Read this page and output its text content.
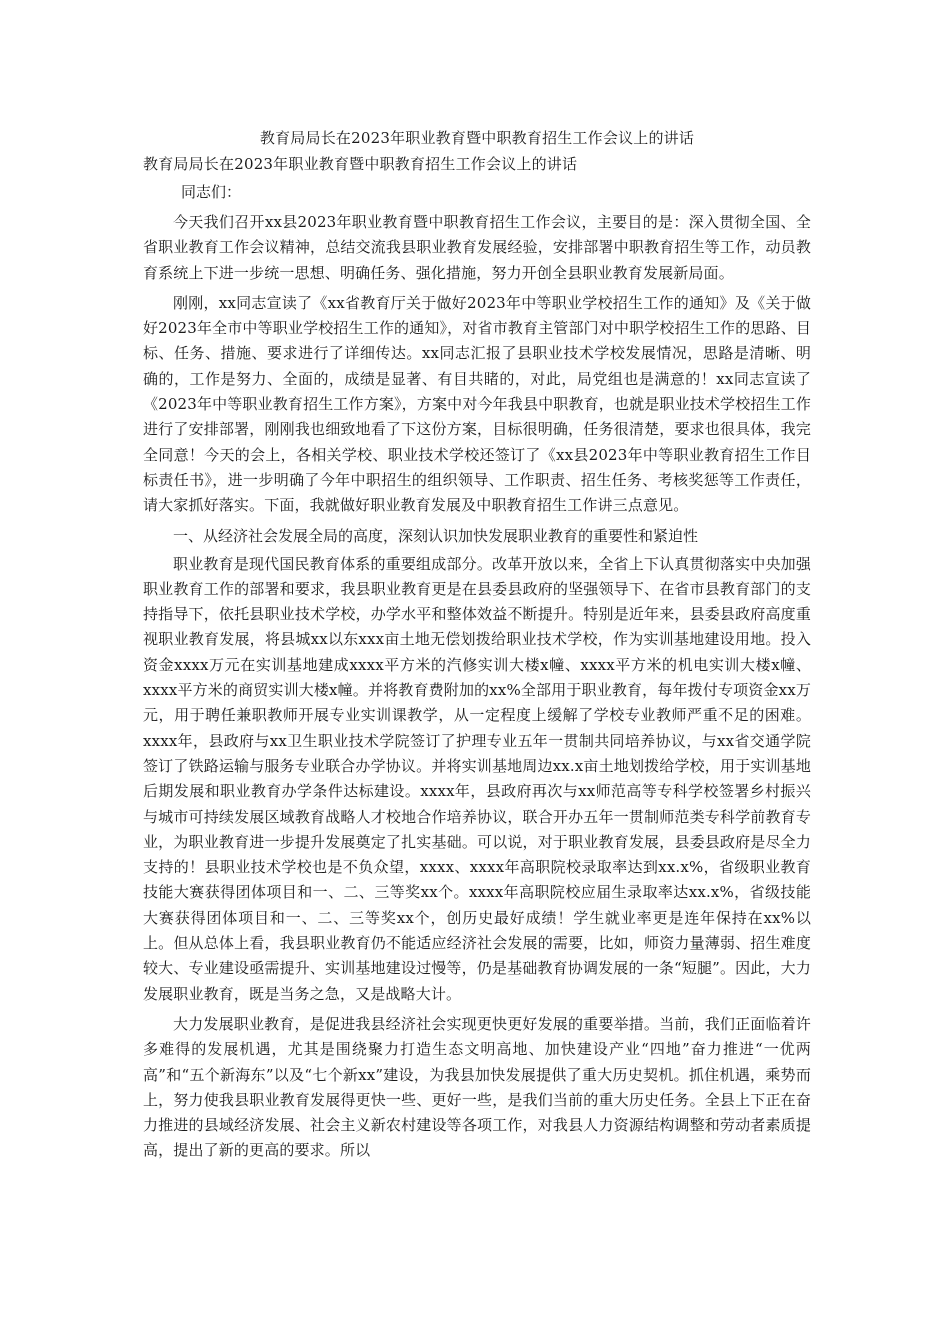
教育局局长在2023年职业教育暨中职教育招生工作会议上的讲话
教育局局长在2023年职业教育暨中职教育招生工作会议上的讲话
同志们：

今天我们召开xx县2023年职业教育暨中职教育招生工作会议，主要目的是：深入贯彻全国、全省职业教育工作会议精神，总结交流我县职业教育发展经验，安排部署中职教育招生等工作，动员教育系统上下进一步统一思想、明确任务、强化措施，努力开创全县职业教育发展新局面。

刚刚，xx同志宣读了《xx省教育厅关于做好2023年中等职业学校招生工作的通知》及《关于做好2023年全市中等职业学校招生工作的通知》，对省市教育主管部门对中职学校招生工作的思路、目标、任务、措施、要求进行了详细传达。xx同志汇报了县职业技术学校发展情况，思路是清晰、明确的，工作是努力、全面的，成绩是显著、有目共睹的，对此，局党组也是满意的！xx同志宣读了《2023年中等职业教育招生工作方案》，方案中对今年我县中职教育，也就是职业技术学校招生工作进行了安排部署，刚刚我也细致地看了下这份方案，目标很明确，任务很清楚，要求也很具体，我完全同意！今天的会上，各相关学校、职业技术学校还签订了《xx县2023年中等职业教育招生工作目标责任书》，进一步明确了今年中职招生的组织领导、工作职责、招生任务、考核奖惩等工作责任，请大家抓好落实。下面，我就做好职业教育发展及中职教育招生工作讲三点意见。

一、从经济社会发展全局的高度，深刻认识加快发展职业教育的重要性和紧迫性

职业教育是现代国民教育体系的重要组成部分。改革开放以来，全省上下认真贯彻落实中央加强职业教育工作的部署和要求，我县职业教育更是在县委县政府的坚强领导下、在省市县教育部门的支持指导下，依托县职业技术学校，办学水平和整体效益不断提升。特别是近年来，县委县政府高度重视职业教育发展，将县城xx以东xxx亩土地无偿划拨给职业技术学校，作为实训基地建设用地。投入资金xxxx万元在实训基地建成xxxx平方米的汽修实训大楼x幢、xxxx平方米的机电实训大楼x幢、xxxx平方米的商贸实训大楼x幢。并将教育费附加的xx%全部用于职业教育，每年拨付专项资金xx万元，用于聘任兼职教师开展专业实训课教学，从一定程度上缓解了学校专业教师严重不足的困难。xxxx年，县政府与xx卫生职业技术学院签订了护理专业五年一贯制共同培养协议，与xx省交通学院签订了铁路运输与服务专业联合办学协议。并将实训基地周边xx.x亩土地划拨给学校，用于实训基地后期发展和职业教育办学条件达标建设。xxxx年，县政府再次与xx师范高等专科学校签署乡村振兴与城市可持续发展区域教育战略人才校地合作培养协议，联合开办五年一贯制师范类专科学前教育专业，为职业教育进一步提升发展奠定了扎实基础。可以说，对于职业教育发展，县委县政府是尽全力支持的！县职业技术学校也是不负众望，xxxx、xxxx年高职院校录取率达到xx.x%，省级职业教育技能大赛获得团体项目和一、二、三等奖xx个。xxxx年高职院校应届生录取率达xx.x%，省级技能大赛获得团体项目和一、二、三等奖xx个，创历史最好成绩！学生就业率更是连年保持在xx%以上。但从总体上看，我县职业教育仍不能适应经济社会发展的需要，比如，师资力量薄弱、招生难度较大、专业建设亟需提升、实训基地建设过慢等，仍是基础教育协调发展的一条“短腿”。因此，大力发展职业教育，既是当务之急，又是战略大计。

大力发展职业教育，是促进我县经济社会实现更快更好发展的重要举措。当前，我们正面临着许多难得的发展机遇，尤其是围绕聚力打造生态文明高地、加快建设产业“四地”奋力推进“一优两高”和“五个新海东”以及“七个新xx”建设，为我县加快发展提供了重大历史契机。抓住机遇，乘势而上，努力使我县职业教育发展得更快一些、更好一些，是我们当前的重大历史任务。全县上下正在奋力推进的县域经济发展、社会主义新农村建设等各项工作，对我县人力资源结构调整和劳动者素质提高，提出了新的更高的要求。所以
